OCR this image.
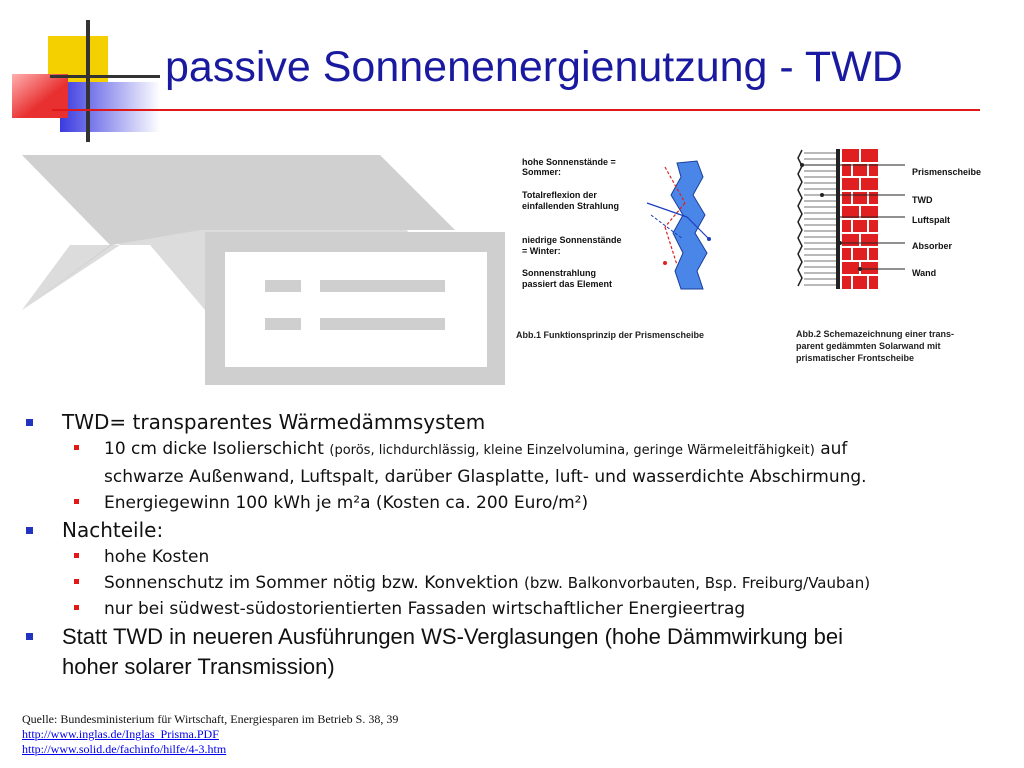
passive Sonnenenergienutzung - TWD
hohe Sonnenstände =
Sommer:
Totalreflexion der
einfallenden Strahlung
niedrige Sonnenstände
= Winter:
Sonnenstrahlung
passiert das Element
Abb.1 Funktionsprinzip der Prismenscheibe
Prismenscheibe
TWD
Luftspalt
Absorber
Wand
Abb.2 Schemazeichnung einer trans-
parent gedämmten Solarwand mit
prismatischer Frontscheibe
TWD= transparentes Wärmedämmsystem
10 cm dicke Isolierschicht (porös, lichdurchlässig, kleine Einzelvolumina, geringe Wärmeleitfähigkeit) auf
schwarze Außenwand, Luftspalt, darüber Glasplatte, luft- und wasserdichte Abschirmung.
Energiegewinn 100 kWh je m²a (Kosten ca. 200 Euro/m²)
Nachteile:
hohe Kosten
Sonnenschutz im Sommer nötig bzw. Konvektion (bzw. Balkonvorbauten, Bsp. Freiburg/Vauban)
nur bei südwest-südostorientierten Fassaden wirtschaftlicher Energieertrag
Statt TWD in neueren Ausführungen WS-Verglasungen (hohe Dämmwirkung bei
hoher solarer Transmission)
Quelle: Bundesministerium für Wirtschaft, Energiesparen im Betrieb S. 38, 39
http://www.inglas.de/Inglas_Prisma.PDF
http://www.solid.de/fachinfo/hilfe/4-3.htm
